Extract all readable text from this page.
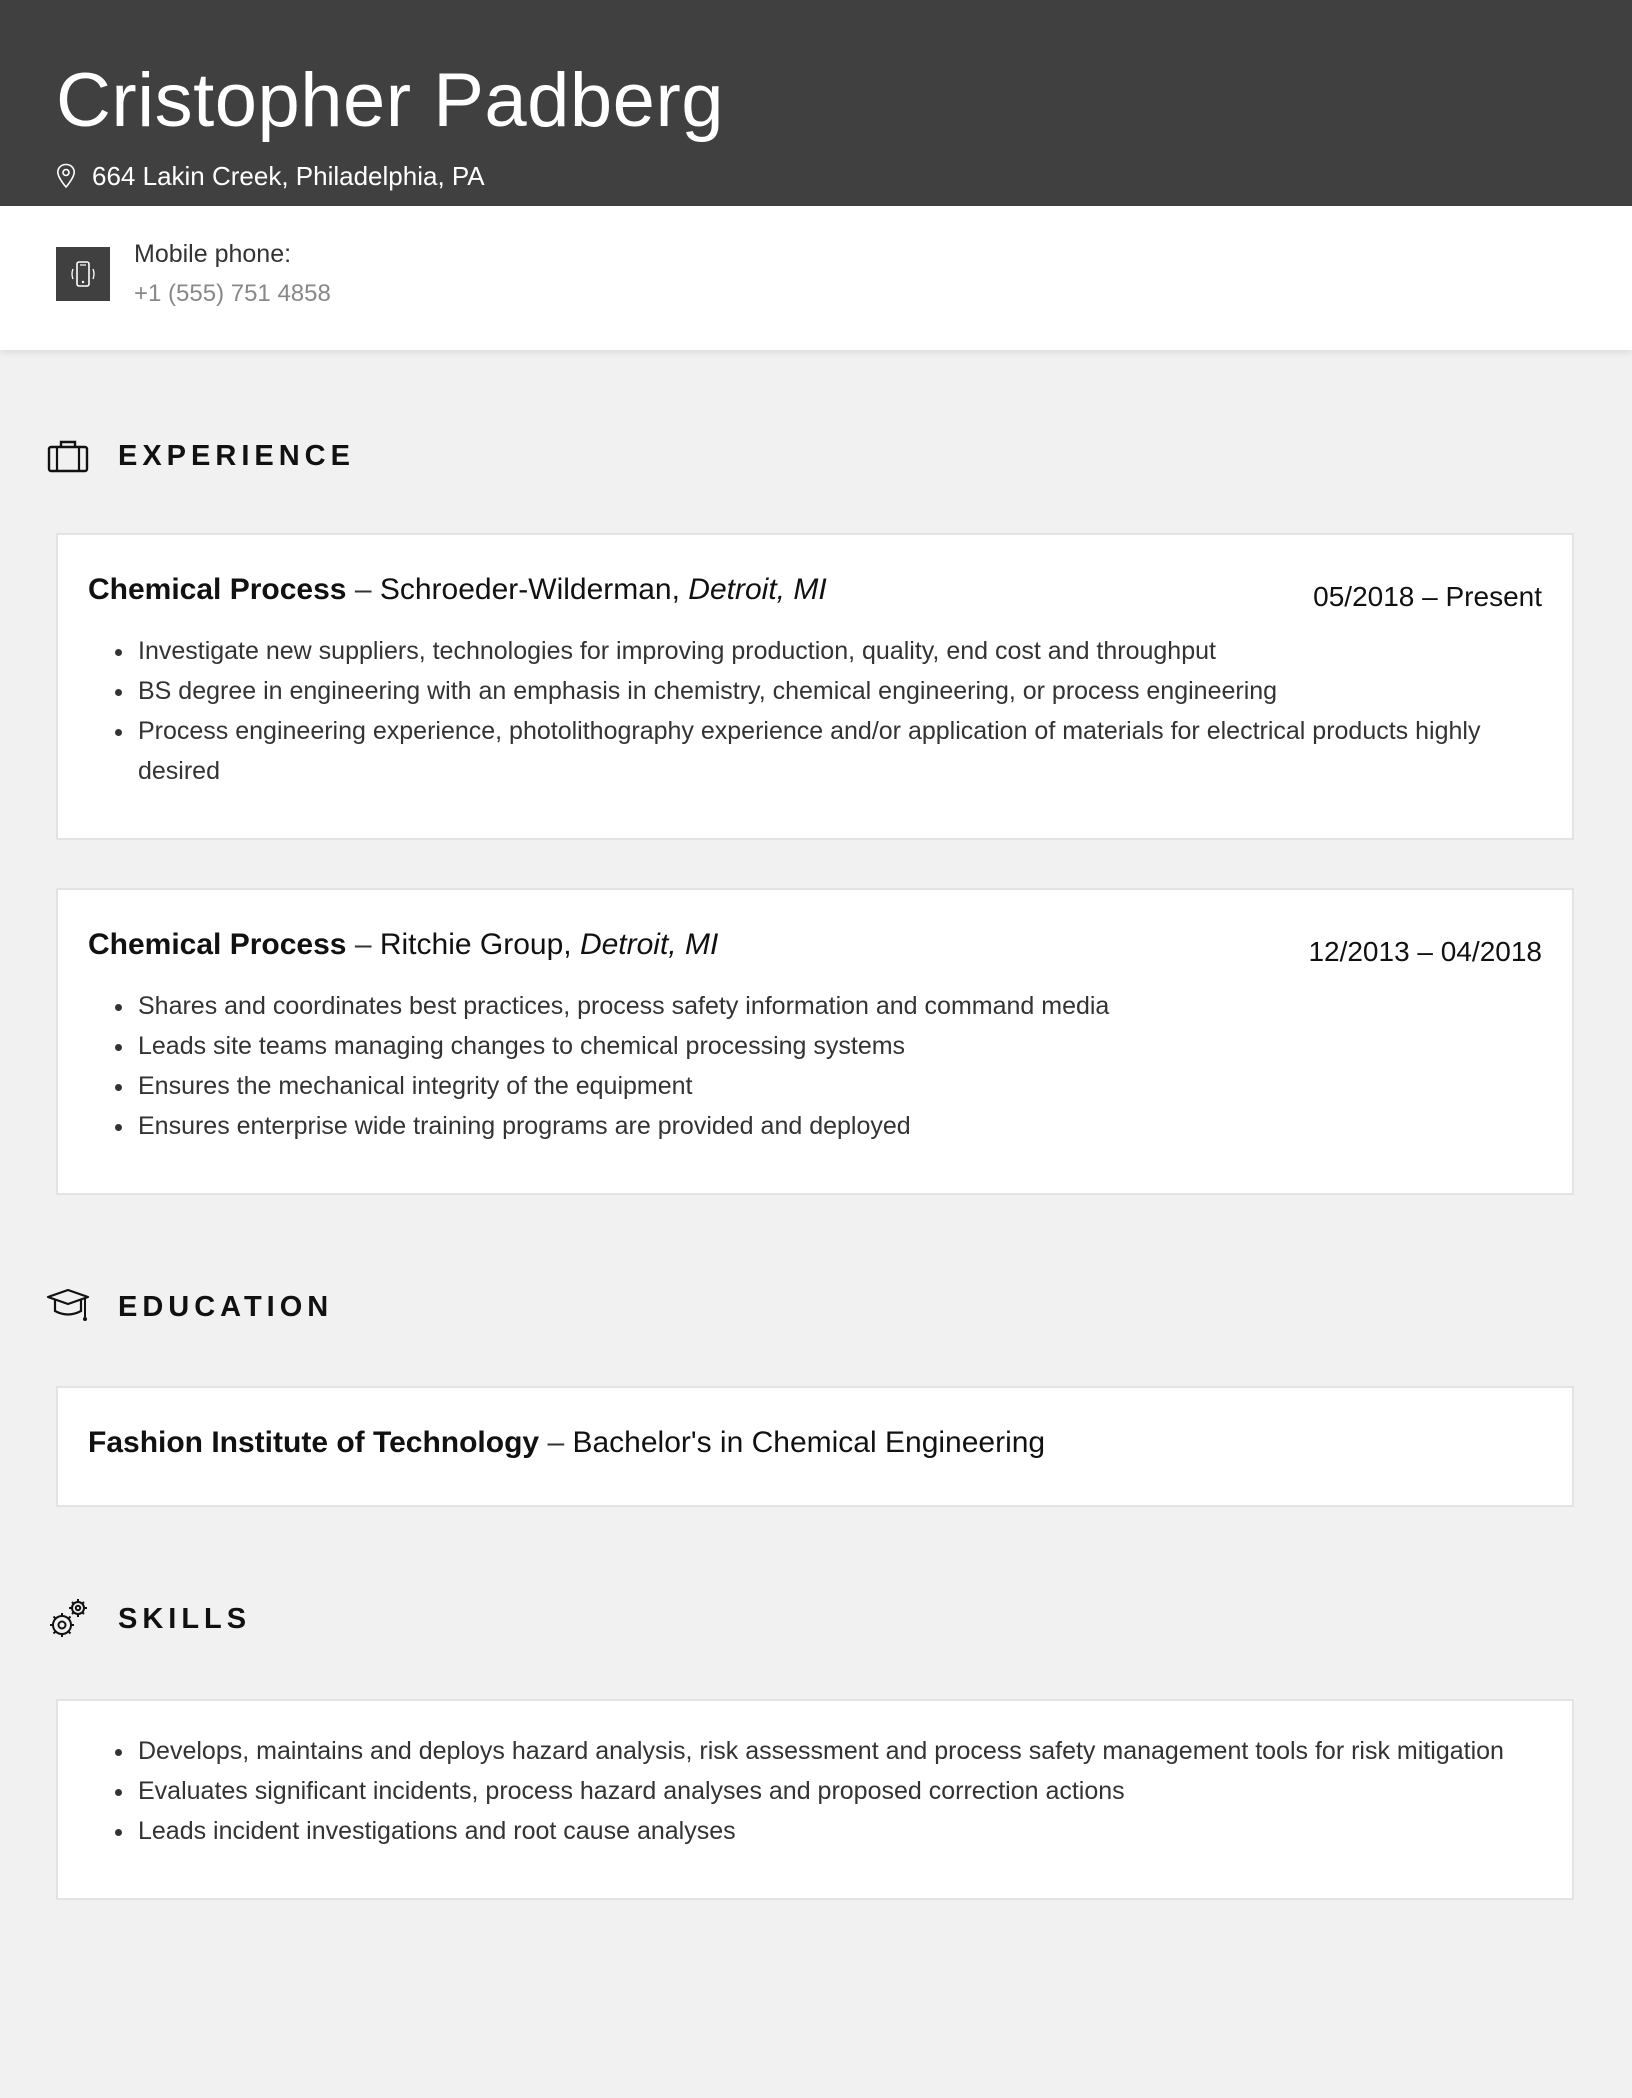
Cristopher Padberg
664 Lakin Creek, Philadelphia, PA
Mobile phone:
+1 (555) 751 4858
EXPERIENCE
Chemical Process – Schroeder-Wilderman, Detroit, MI	05/2018 – Present
• Investigate new suppliers, technologies for improving production, quality, end cost and throughput
• BS degree in engineering with an emphasis in chemistry, chemical engineering, or process engineering
• Process engineering experience, photolithography experience and/or application of materials for electrical products highly desired
Chemical Process – Ritchie Group, Detroit, MI	12/2013 – 04/2018
• Shares and coordinates best practices, process safety information and command media
• Leads site teams managing changes to chemical processing systems
• Ensures the mechanical integrity of the equipment
• Ensures enterprise wide training programs are provided and deployed
EDUCATION
Fashion Institute of Technology – Bachelor's in Chemical Engineering
SKILLS
• Develops, maintains and deploys hazard analysis, risk assessment and process safety management tools for risk mitigation
• Evaluates significant incidents, process hazard analyses and proposed correction actions
• Leads incident investigations and root cause analyses
